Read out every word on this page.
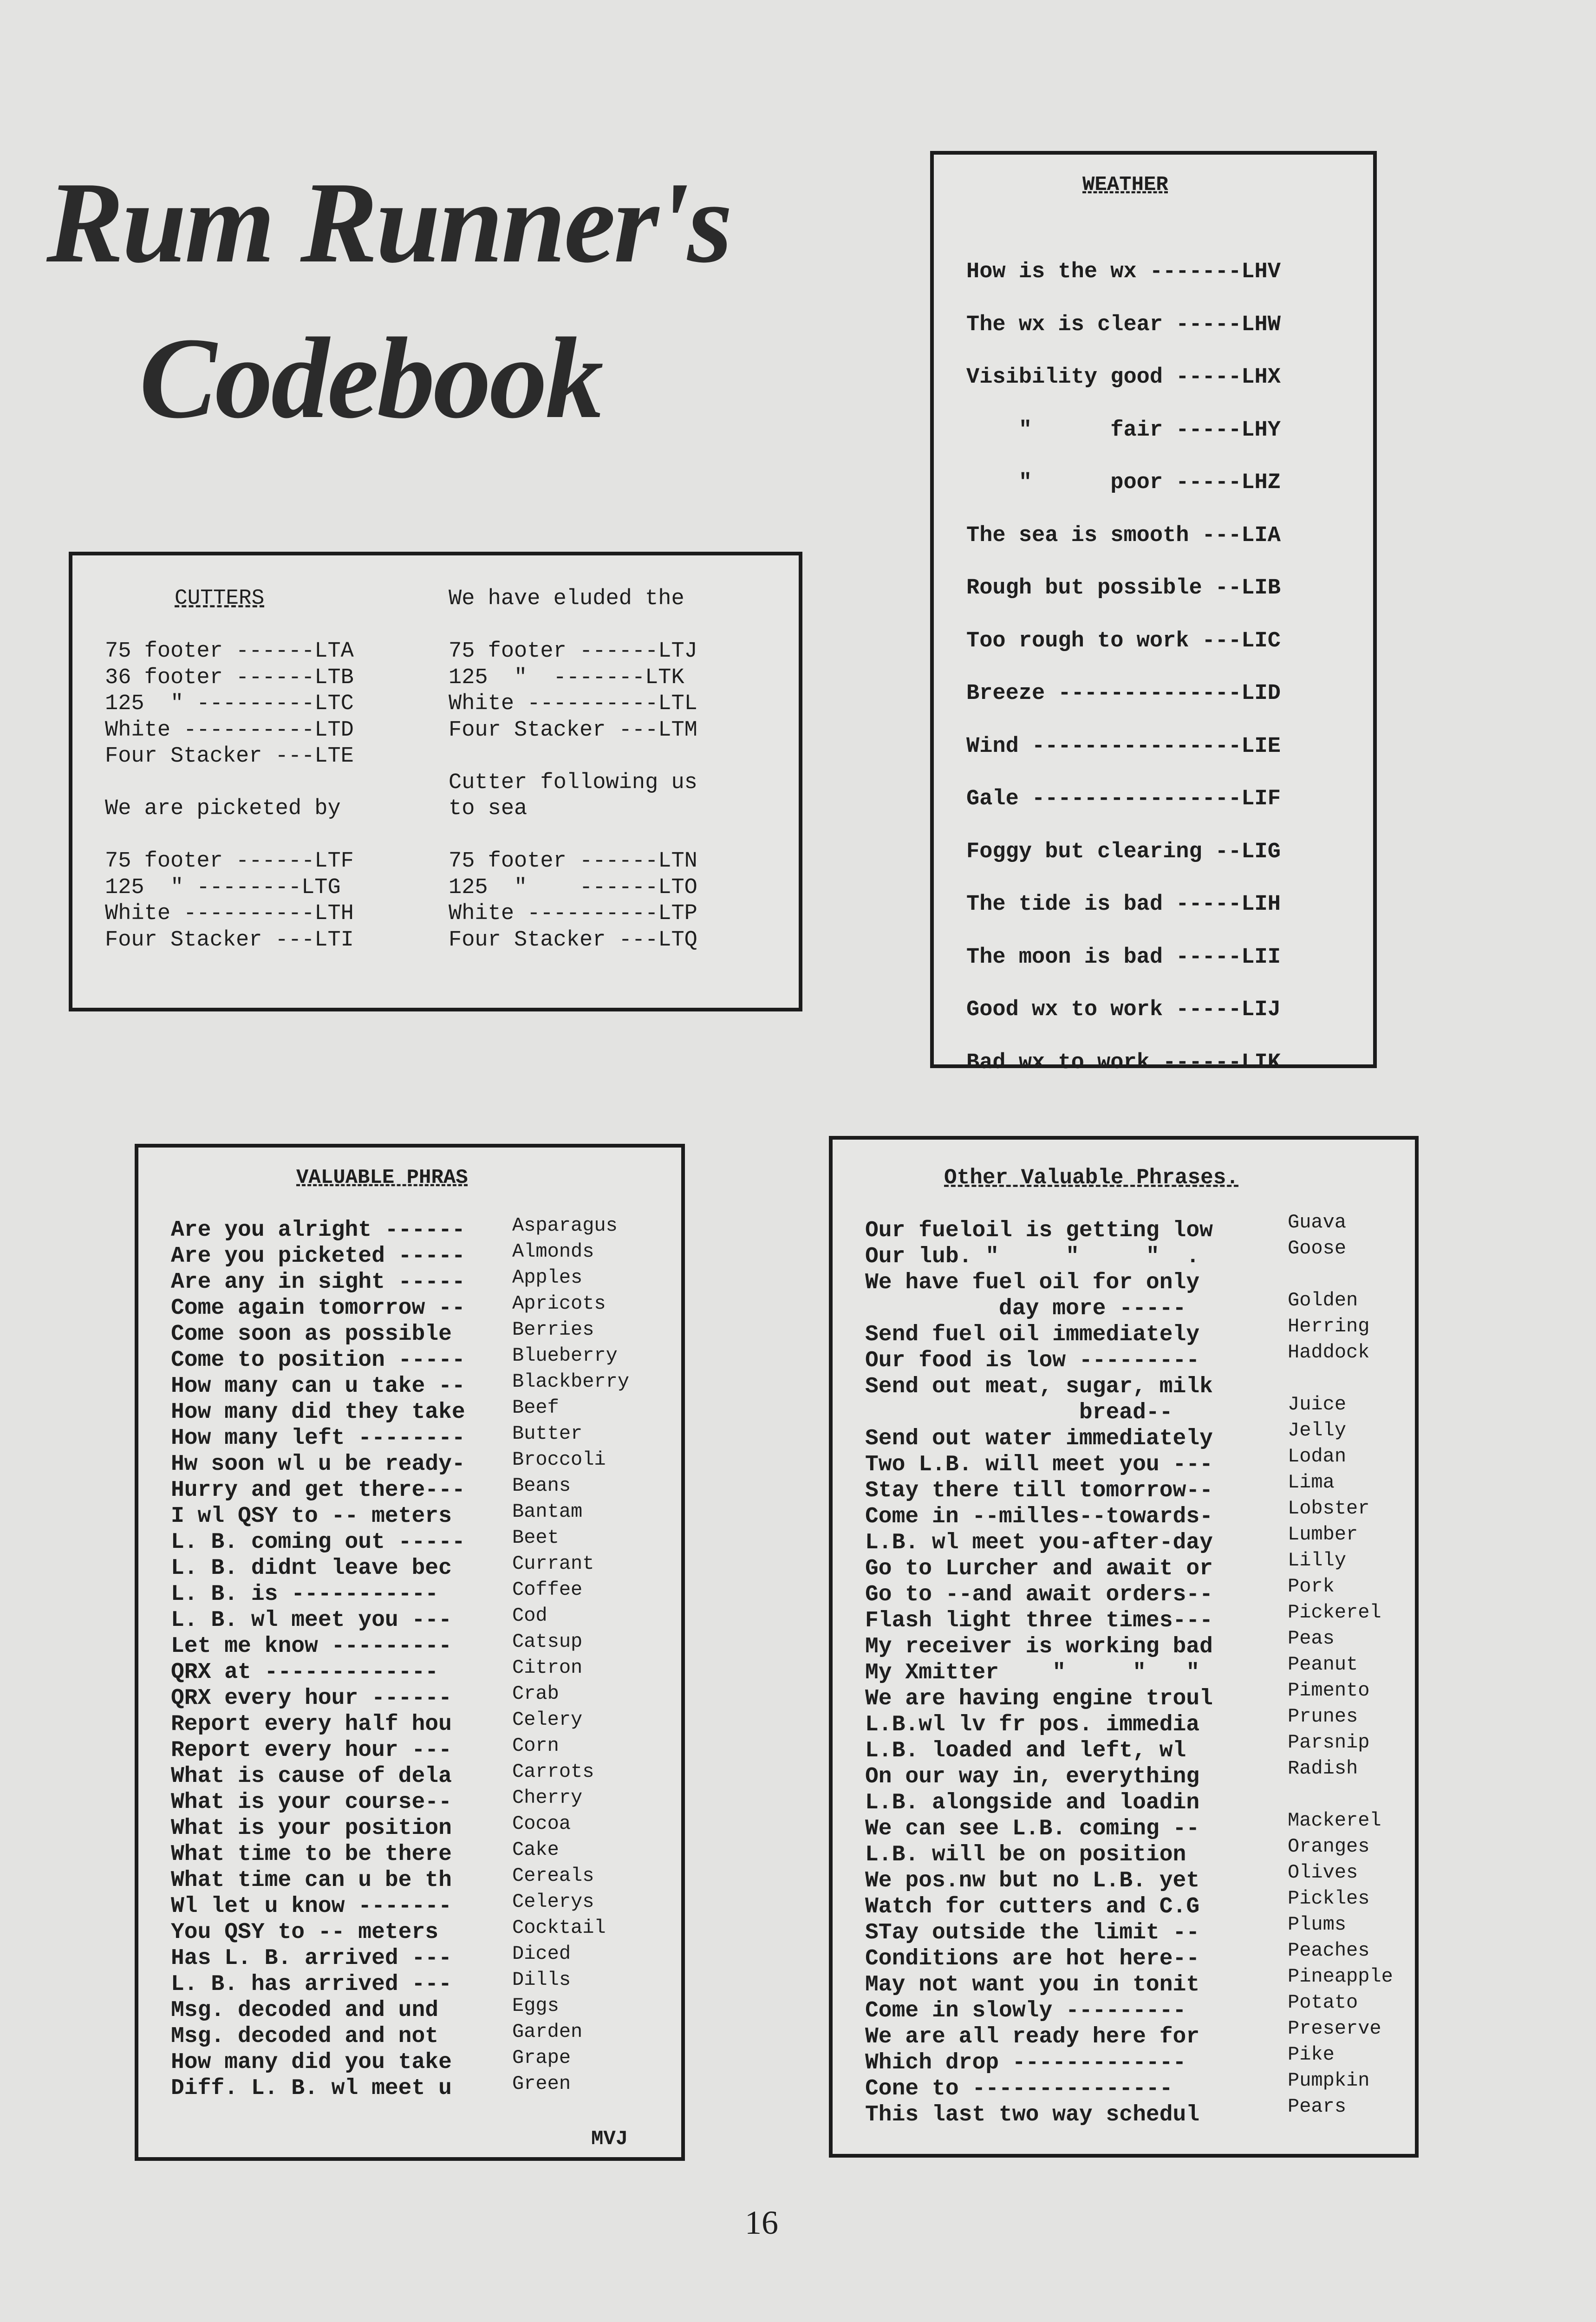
Rum Runner's
Codebook
CUTTERS
75 footer ------LTA
36 footer ------LTB
125  " ---------LTC
White ----------LTD
Four Stacker ---LTE
We are picketed by
75 footer ------LTF
125  " --------LTG
White ----------LTH
Four Stacker ---LTI
We have eluded the
75 footer ------LTJ
125  "  -------LTK
White ----------LTL
Four Stacker ---LTM
Cutter following us
to sea
75 footer ------LTN
125  "    ------LTO
White ----------LTP
Four Stacker ---LTQ
WEATHER
How is the wx -------LHV
The wx is clear -----LHW
Visibility good -----LHX
"      fair -----LHY
"      poor -----LHZ
The sea is smooth ---LIA
Rough but possible --LIB
Too rough to work ---LIC
Breeze --------------LID
Wind ----------------LIE
Gale ----------------LIF
Foggy but clearing --LIG
The tide is bad -----LIH
The moon is bad -----LII
Good wx to work -----LIJ
Bad wx to work ------LIK
VALUABLE PHRAS
Are you alright ------
Are you picketed -----
Are any in sight -----
Come again tomorrow --
Come soon as possible
Come to position -----
How many can u take --
How many did they take
How many left --------
Hw soon wl u be ready-
Hurry and get there---
I wl QSY to -- meters
L. B. coming out -----
L. B. didnt leave bec
L. B. is -----------
L. B. wl meet you ---
Let me know ---------
QRX at -------------
QRX every hour ------
Report every half hou
Report every hour ---
What is cause of dela
What is your course--
What is your position
What time to be there
What time can u be th
Wl let u know -------
You QSY to -- meters
Has L. B. arrived ---
L. B. has arrived ---
Msg. decoded and und
Msg. decoded and not
How many did you take
Diff. L. B. wl meet u
Asparagus
Almonds
Apples
Apricots
Berries
Blueberry
Blackberry
Beef
Butter
Broccoli
Beans
Bantam
Beet
Currant
Coffee
Cod
Catsup
Citron
Crab
Celery
Corn
Carrots
Cherry
Cocoa
Cake
Cereals
Celerys
Cocktail
Diced
Dills
Eggs
Garden
Grape
Green
MVJ
Other Valuable Phrases.
Our fueloil is getting low
Our lub. "     "     "  .
We have fuel oil for only
day more -----
Send fuel oil immediately
Our food is low ---------
Send out meat, sugar, milk
bread--
Send out water immediately
Two L.B. will meet you ---
Stay there till tomorrow--
Come in --milles--towards-
L.B. wl meet you-after-day
Go to Lurcher and await or
Go to --and await orders--
Flash light three times---
My receiver is working bad
My Xmitter    "     "   "
We are having engine troul
L.B.wl lv fr pos. immedia
L.B. loaded and left, wl
On our way in, everything
L.B. alongside and loadin
We can see L.B. coming --
L.B. will be on position
We pos.nw but no L.B. yet
Watch for cutters and C.G
STay outside the limit --
Conditions are hot here--
May not want you in tonit
Come in slowly ---------
We are all ready here for
Which drop -------------
Cone to ---------------
This last two way schedul
Guava
Goose
Golden
Herring
Haddock
Juice
Jelly
Lodan
Lima
Lobster
Lumber
Lilly
Pork
Pickerel
Peas
Peanut
Pimento
Prunes
Parsnip
Radish
Mackerel
Oranges
Olives
Pickles
Plums
Peaches
Pineapple
Potato
Preserve
Pike
Pumpkin
Pears
16
